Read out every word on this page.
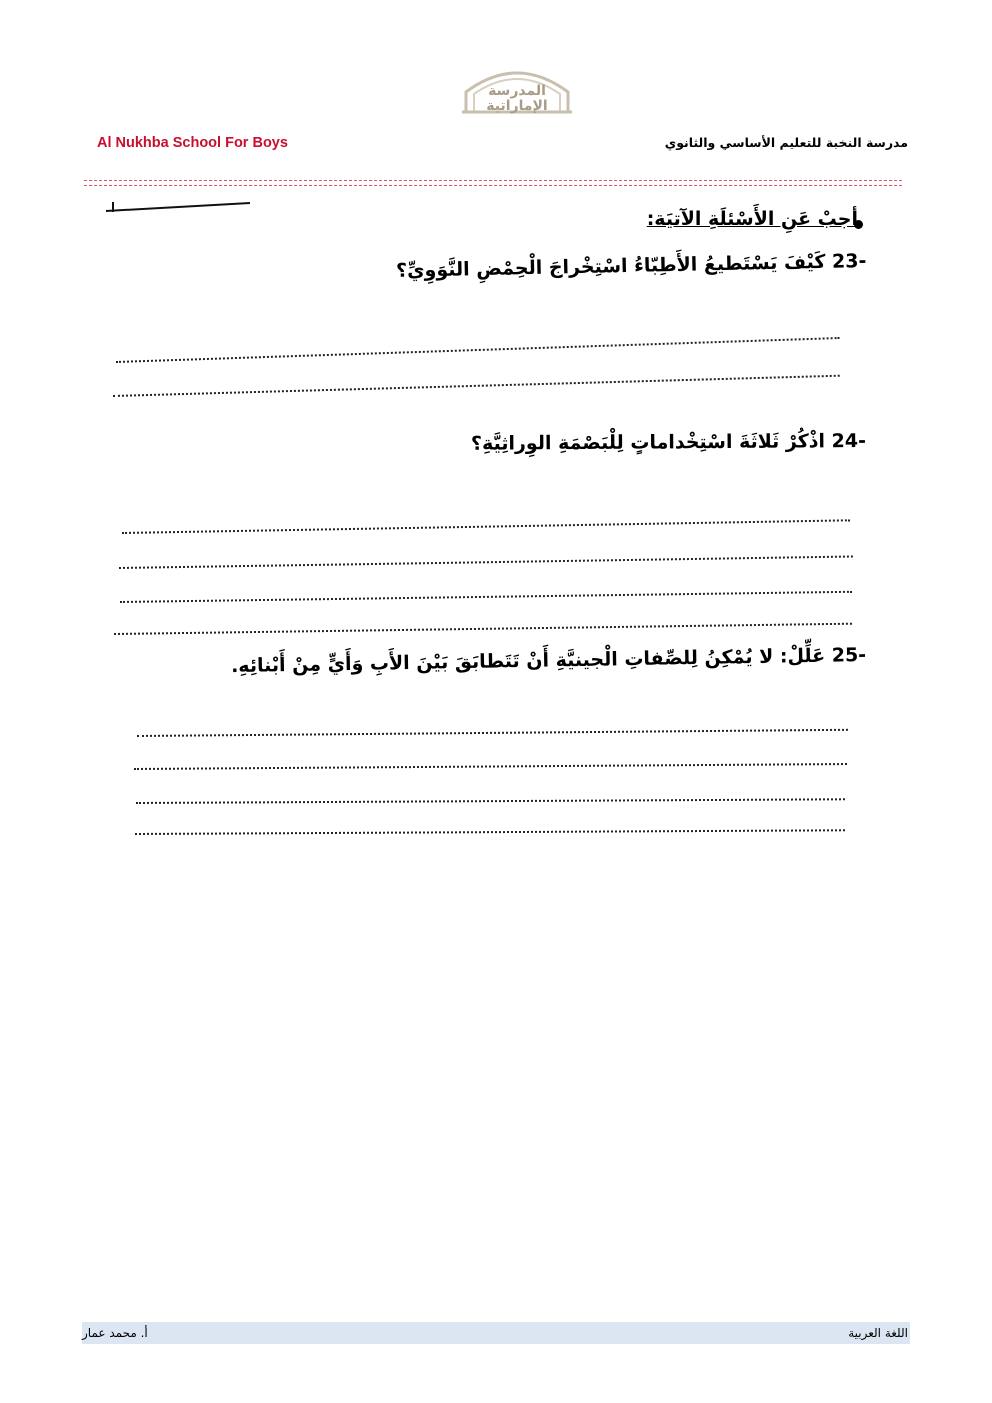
المدرسة
الإماراتية
Al Nukhba School For Boys	مدرسة النخبة للتعليم الأساسي والثانوي
أجبْ عَنِ الأَسْئلَةِ الآتيَة:
23- كَيْفَ يَسْتَطيعُ الأَطِبّاءُ اسْتِخْراجَ الْحِمْضِ النَّوَوِيِّ؟
24- اذْكُرْ ثَلاثَةَ اسْتِخْداماتٍ لِلْبَصْمَةِ الوِراثِيَّةِ؟
25- عَلِّلْ: لا يُمْكِنُ لِلصِّفاتِ الْجينيَّةِ أَنْ تَتَطابَقَ بَيْنَ الأَبِ وَأَيٍّ مِنْ أَبْنائِهِ.
أ. محمد عمار	اللغة العربية
